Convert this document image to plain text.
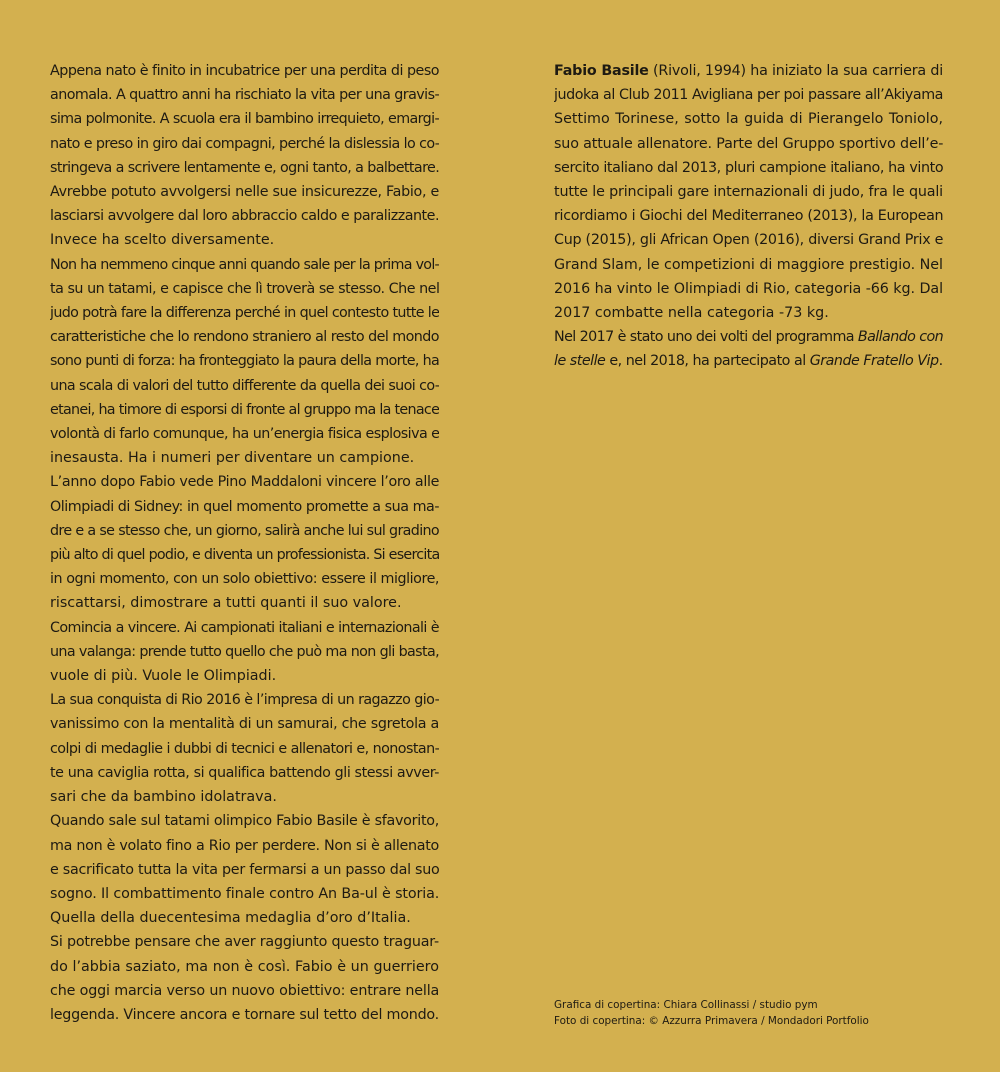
Appena nato è finito in incubatrice per una perdita di peso
anomala. A quattro anni ha rischiato la vita per una gravis-
sima polmonite. A scuola era il bambino irrequieto, emargi-
nato e preso in giro dai compagni, perché la dislessia lo co-
stringeva a scrivere lentamente e, ogni tanto, a balbettare.

Avrebbe potuto avvolgersi nelle sue insicurezze, Fabio, e
lasciarsi avvolgere dal loro abbraccio caldo e paralizzante.
Invece ha scelto diversamente.

Non ha nemmeno cinque anni quando sale per la prima vol-
ta su un tatami, e capisce che lì troverà se stesso. Che nel
judo potrà fare la differenza perché in quel contesto tutte le
caratteristiche che lo rendono straniero al resto del mondo
sono punti di forza: ha fronteggiato la paura della morte, ha
una scala di valori del tutto differente da quella dei suoi co-
etanei, ha timore di esporsi di fronte al gruppo ma la tenace
volontà di farlo comunque, ha un’energia fisica esplosiva e
inesausta. Ha i numeri per diventare un campione.

L’anno dopo Fabio vede Pino Maddaloni vincere l’oro alle
Olimpiadi di Sidney: in quel momento promette a sua ma-
dre e a se stesso che, un giorno, salirà anche lui sul gradino
più alto di quel podio, e diventa un professionista. Si esercita
in ogni momento, con un solo obiettivo: essere il migliore,
riscattarsi, dimostrare a tutti quanti il suo valore.

Comincia a vincere. Ai campionati italiani e internazionali è
una valanga: prende tutto quello che può ma non gli basta,
vuole di più. Vuole le Olimpiadi.

La sua conquista di Rio 2016 è l’impresa di un ragazzo gio-
vanissimo con la mentalità di un samurai, che sgretola a
colpi di medaglie i dubbi di tecnici e allenatori e, nonostan-
te una caviglia rotta, si qualifica battendo gli stessi avver-
sari che da bambino idolatrava.

Quando sale sul tatami olimpico Fabio Basile è sfavorito,
ma non è volato fino a Rio per perdere. Non si è allenato
e sacrificato tutta la vita per fermarsi a un passo dal suo
sogno. Il combattimento finale contro An Ba-ul è storia.
Quella della duecentesima medaglia d’oro d’Italia.

Si potrebbe pensare che aver raggiunto questo traguar-
do l’abbia saziato, ma non è così. Fabio è un guerriero
che oggi marcia verso un nuovo obiettivo: entrare nella
leggenda. Vincere ancora e tornare sul tetto del mondo.

Fabio Basile (Rivoli, 1994) ha iniziato la sua carriera di
judoka al Club 2011 Avigliana per poi passare all’Akiyama
Settimo Torinese, sotto la guida di Pierangelo Toniolo,
suo attuale allenatore. Parte del Gruppo sportivo dell’e-
sercito italiano dal 2013, pluri campione italiano, ha vinto
tutte le principali gare internazionali di judo, fra le quali
ricordiamo i Giochi del Mediterraneo (2013), la European
Cup (2015), gli African Open (2016), diversi Grand Prix e
Grand Slam, le competizioni di maggiore prestigio. Nel
2016 ha vinto le Olimpiadi di Rio, categoria -66 kg. Dal
2017 combatte nella categoria -73 kg.

Nel 2017 è stato uno dei volti del programma Ballando con
le stelle e, nel 2018, ha partecipato al Grande Fratello Vip.

Grafica di copertina: Chiara Collinassi / studio pym
Foto di copertina: © Azzurra Primavera / Mondadori Portfolio
